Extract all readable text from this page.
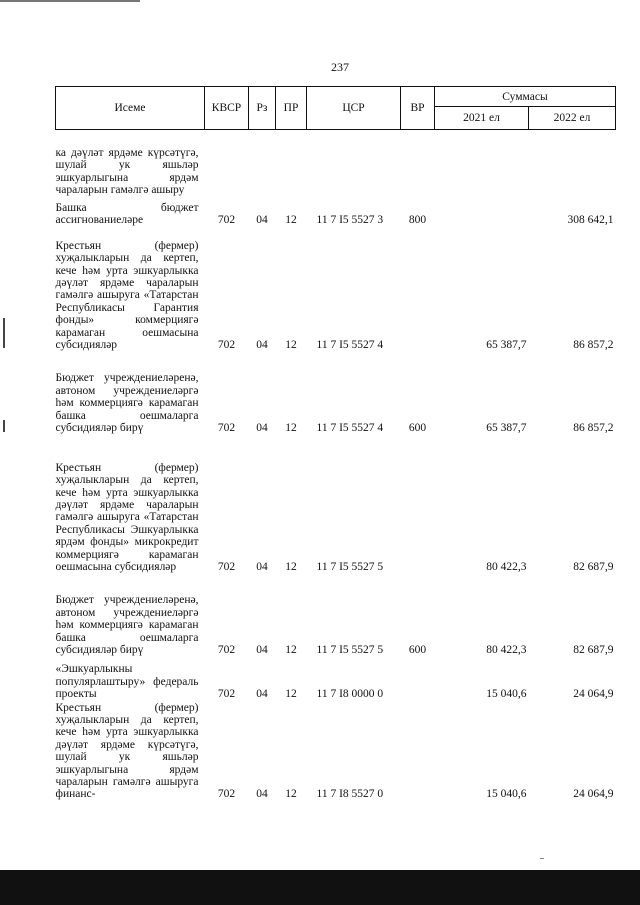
237
Исеме	КВСР	Рз	ПР	ЦСР	ВР	Суммасы	
						2021 ел	2022 ел
ка дәүләт ярдәме күрсәтүгә, шулай ук яшьләр эшкуарлыгына ярдәм чараларын гамәлгә ашыру							
Башка бюджет ассигнованиеләре	702	04	12	11 7 I5 5527 3	800		308 642,1
Крестьян (фермер) хуҗалыкларын да кертеп, кече һәм урта эшкуарлыкка дәүләт ярдәме чараларын гамәлгә ашыруга «Татарстан Республикасы Гарантия фонды» коммерциягә карамаган оешмасына субсидияләр	702	04	12	11 7 I5 5527 4		65 387,7	86 857,2
Бюджет учреждениеләренә, автоном учреждениеләргә һәм коммерциягә карамаган башка оешмаларга субсидияләр бирү	702	04	12	11 7 I5 5527 4	600	65 387,7	86 857,2
Крестьян (фермер) хуҗалыкларын да кертеп, кече һәм урта эшкуарлыкка дәүләт ярдәме чараларын гамәлгә ашыруга «Татарстан Республикасы Эшкуарлыкка ярдәм фонды» микрокредит коммерциягә карамаган оешмасына субсидияләр	702	04	12	11 7 I5 5527 5		80 422,3	82 687,9
Бюджет учреждениеләренә, автоном учреждениеләргә һәм коммерциягә карамаган башка оешмаларга субсидияләр бирү	702	04	12	11 7 I5 5527 5	600	80 422,3	82 687,9
«Эшкуарлыкны популярлаштыру» федераль проекты	702	04	12	11 7 I8 0000 0		15 040,6	24 064,9
Крестьян (фермер) хуҗалыкларын да кертеп, кече һәм урта эшкуарлыкка дәүләт ярдәме күрсәтүгә, шулай ук яшьләр эшкуарлыгына ярдәм чараларын гамәлгә ашыруга финанс-	702	04	12	11 7 I8 5527 0		15 040,6	24 064,9
